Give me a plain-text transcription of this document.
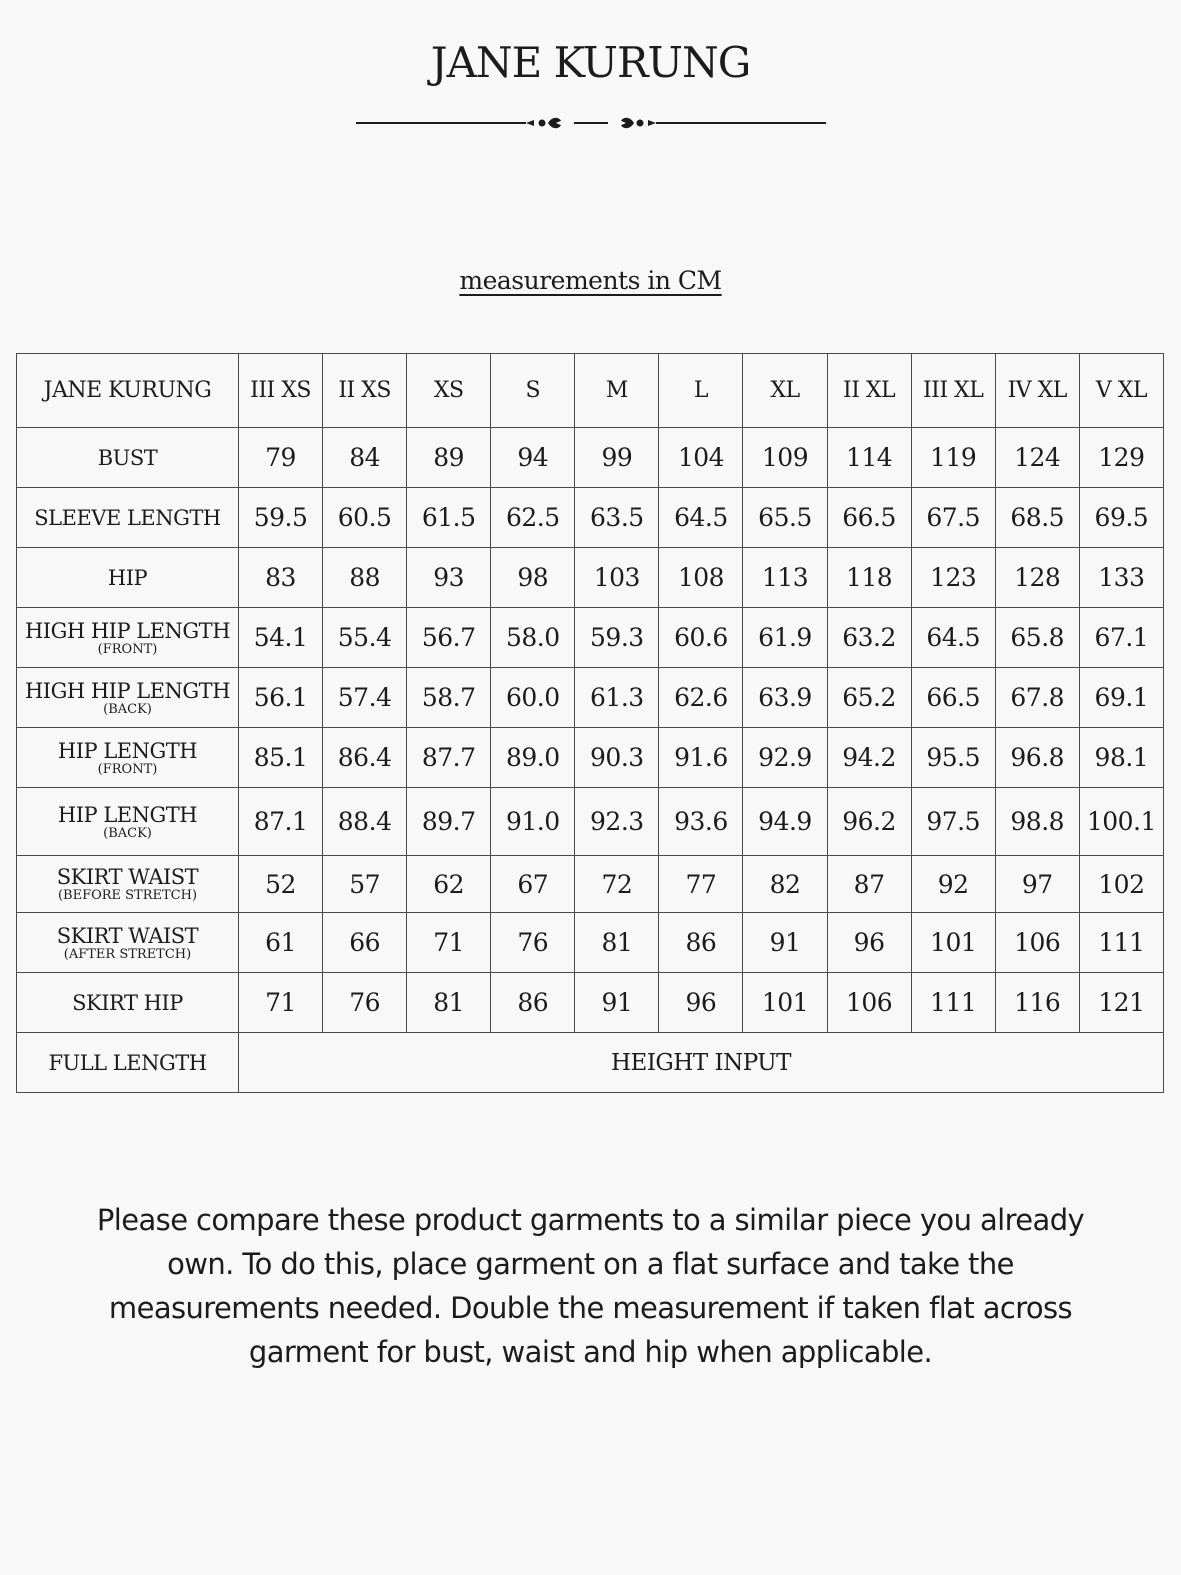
JANE KURUNG
measurements in CM
JANE KURUNG	III XS	II XS	XS	S	M	L	XL	II XL	III XL	IV XL	V XL

BUST	79	84	89	94	99	104	109	114	119	124	129

SLEEVE LENGTH	59.5	60.5	61.5	62.5	63.5	64.5	65.5	66.5	67.5	68.5	69.5

HIP	83	88	93	98	103	108	113	118	123	128	133

HIGH HIP LENGTH
(FRONT)	54.1	55.4	56.7	58.0	59.3	60.6	61.9	63.2	64.5	65.8	67.1

HIGH HIP LENGTH
(BACK)	56.1	57.4	58.7	60.0	61.3	62.6	63.9	65.2	66.5	67.8	69.1

HIP LENGTH
(FRONT)	85.1	86.4	87.7	89.0	90.3	91.6	92.9	94.2	95.5	96.8	98.1

HIP LENGTH
(BACK)	87.1	88.4	89.7	91.0	92.3	93.6	94.9	96.2	97.5	98.8	100.1

SKIRT WAIST
(BEFORE STRETCH)	52	57	62	67	72	77	82	87	92	97	102

SKIRT WAIST
(AFTER STRETCH)	61	66	71	76	81	86	91	96	101	106	111

SKIRT HIP	71	76	81	86	91	96	101	106	111	116	121

FULL LENGTH	HEIGHT INPUT										

Please compare these product garments to a similar piece you already own. To do this, place garment on a flat surface and take the measurements needed. Double the measurement if taken flat across garment for bust, waist and hip when applicable.
